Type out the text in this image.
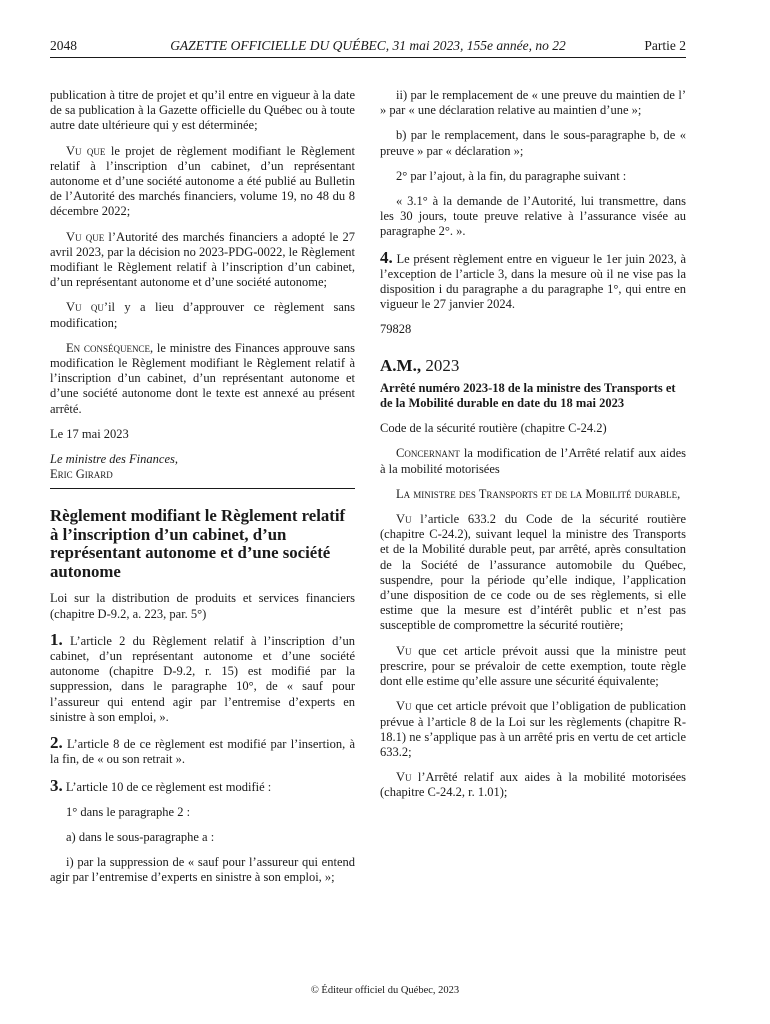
2048	GAZETTE OFFICIELLE DU QUÉBEC, 31 mai 2023, 155e année, no 22	Partie 2

publication à titre de projet et qu’il entre en vigueur à la date de sa publication à la Gazette officielle du Québec ou à toute autre date ultérieure qui y est déterminée;

Vu que le projet de règlement modifiant le Règlement relatif à l’inscription d’un cabinet, d’un représentant autonome et d’une société autonome a été publié au Bulletin de l’Autorité des marchés financiers, volume 19, no 48 du 8 décembre 2022;

Vu que l’Autorité des marchés financiers a adopté le 27 avril 2023, par la décision no 2023-PDG-0022, le Règlement modifiant le Règlement relatif à l’inscription d’un cabinet, d’un représentant autonome et d’une société autonome;

Vu qu’il y a lieu d’approuver ce règlement sans modification;

En conséquence, le ministre des Finances approuve sans modification le Règlement modifiant le Règlement relatif à l’inscription d’un cabinet, d’un représentant autonome et d’une société autonome dont le texte est annexé au présent arrêté.

Le 17 mai 2023

Le ministre des Finances,
Eric Girard

Règlement modifiant le Règlement relatif à l’inscription d’un cabinet, d’un représentant autonome et d’une société autonome

Loi sur la distribution de produits et services financiers (chapitre D-9.2, a. 223, par. 5°)

1. L’article 2 du Règlement relatif à l’inscription d’un cabinet, d’un représentant autonome et d’une société autonome (chapitre D-9.2, r. 15) est modifié par la suppression, dans le paragraphe 10°, de « sauf pour l’assureur qui entend agir par l’entremise d’experts en sinistre à son emploi, ».

2. L’article 8 de ce règlement est modifié par l’insertion, à la fin, de « ou son retrait ».

3. L’article 10 de ce règlement est modifié :

1° dans le paragraphe 2 :

a) dans le sous-paragraphe a :

i) par la suppression de « sauf pour l’assureur qui entend agir par l’entremise d’experts en sinistre à son emploi, »;

ii) par le remplacement de « une preuve du maintien de l’ » par « une déclaration relative au maintien d’une »;

b) par le remplacement, dans le sous-paragraphe b, de « preuve » par « déclaration »;

2° par l’ajout, à la fin, du paragraphe suivant :

« 3.1° à la demande de l’Autorité, lui transmettre, dans les 30 jours, toute preuve relative à l’assurance visée au paragraphe 2°. ».

4. Le présent règlement entre en vigueur le 1er juin 2023, à l’exception de l’article 3, dans la mesure où il ne vise pas la disposition i du paragraphe a du paragraphe 1°, qui entre en vigueur le 27 janvier 2024.

79828

A.M., 2023

Arrêté numéro 2023-18 de la ministre des Transports et de la Mobilité durable en date du 18 mai 2023

Code de la sécurité routière (chapitre C-24.2)

Concernant la modification de l’Arrêté relatif aux aides à la mobilité motorisées

La ministre des Transports et de la Mobilité durable,

Vu l’article 633.2 du Code de la sécurité routière (chapitre C-24.2), suivant lequel la ministre des Transports et de la Mobilité durable peut, par arrêté, après consultation de la Société de l’assurance automobile du Québec, suspendre, pour la période qu’elle indique, l’application d’une disposition de ce code ou de ses règlements, si elle estime que la mesure est d’intérêt public et n’est pas susceptible de compromettre la sécurité routière;

Vu que cet article prévoit aussi que la ministre peut prescrire, pour se prévaloir de cette exemption, toute règle dont elle estime qu’elle assure une sécurité équivalente;

Vu que cet article prévoit que l’obligation de publication prévue à l’article 8 de la Loi sur les règlements (chapitre R-18.1) ne s’applique pas à un arrêté pris en vertu de cet article 633.2;

Vu l’Arrêté relatif aux aides à la mobilité motorisées (chapitre C-24.2, r. 1.01);

© Éditeur officiel du Québec, 2023
